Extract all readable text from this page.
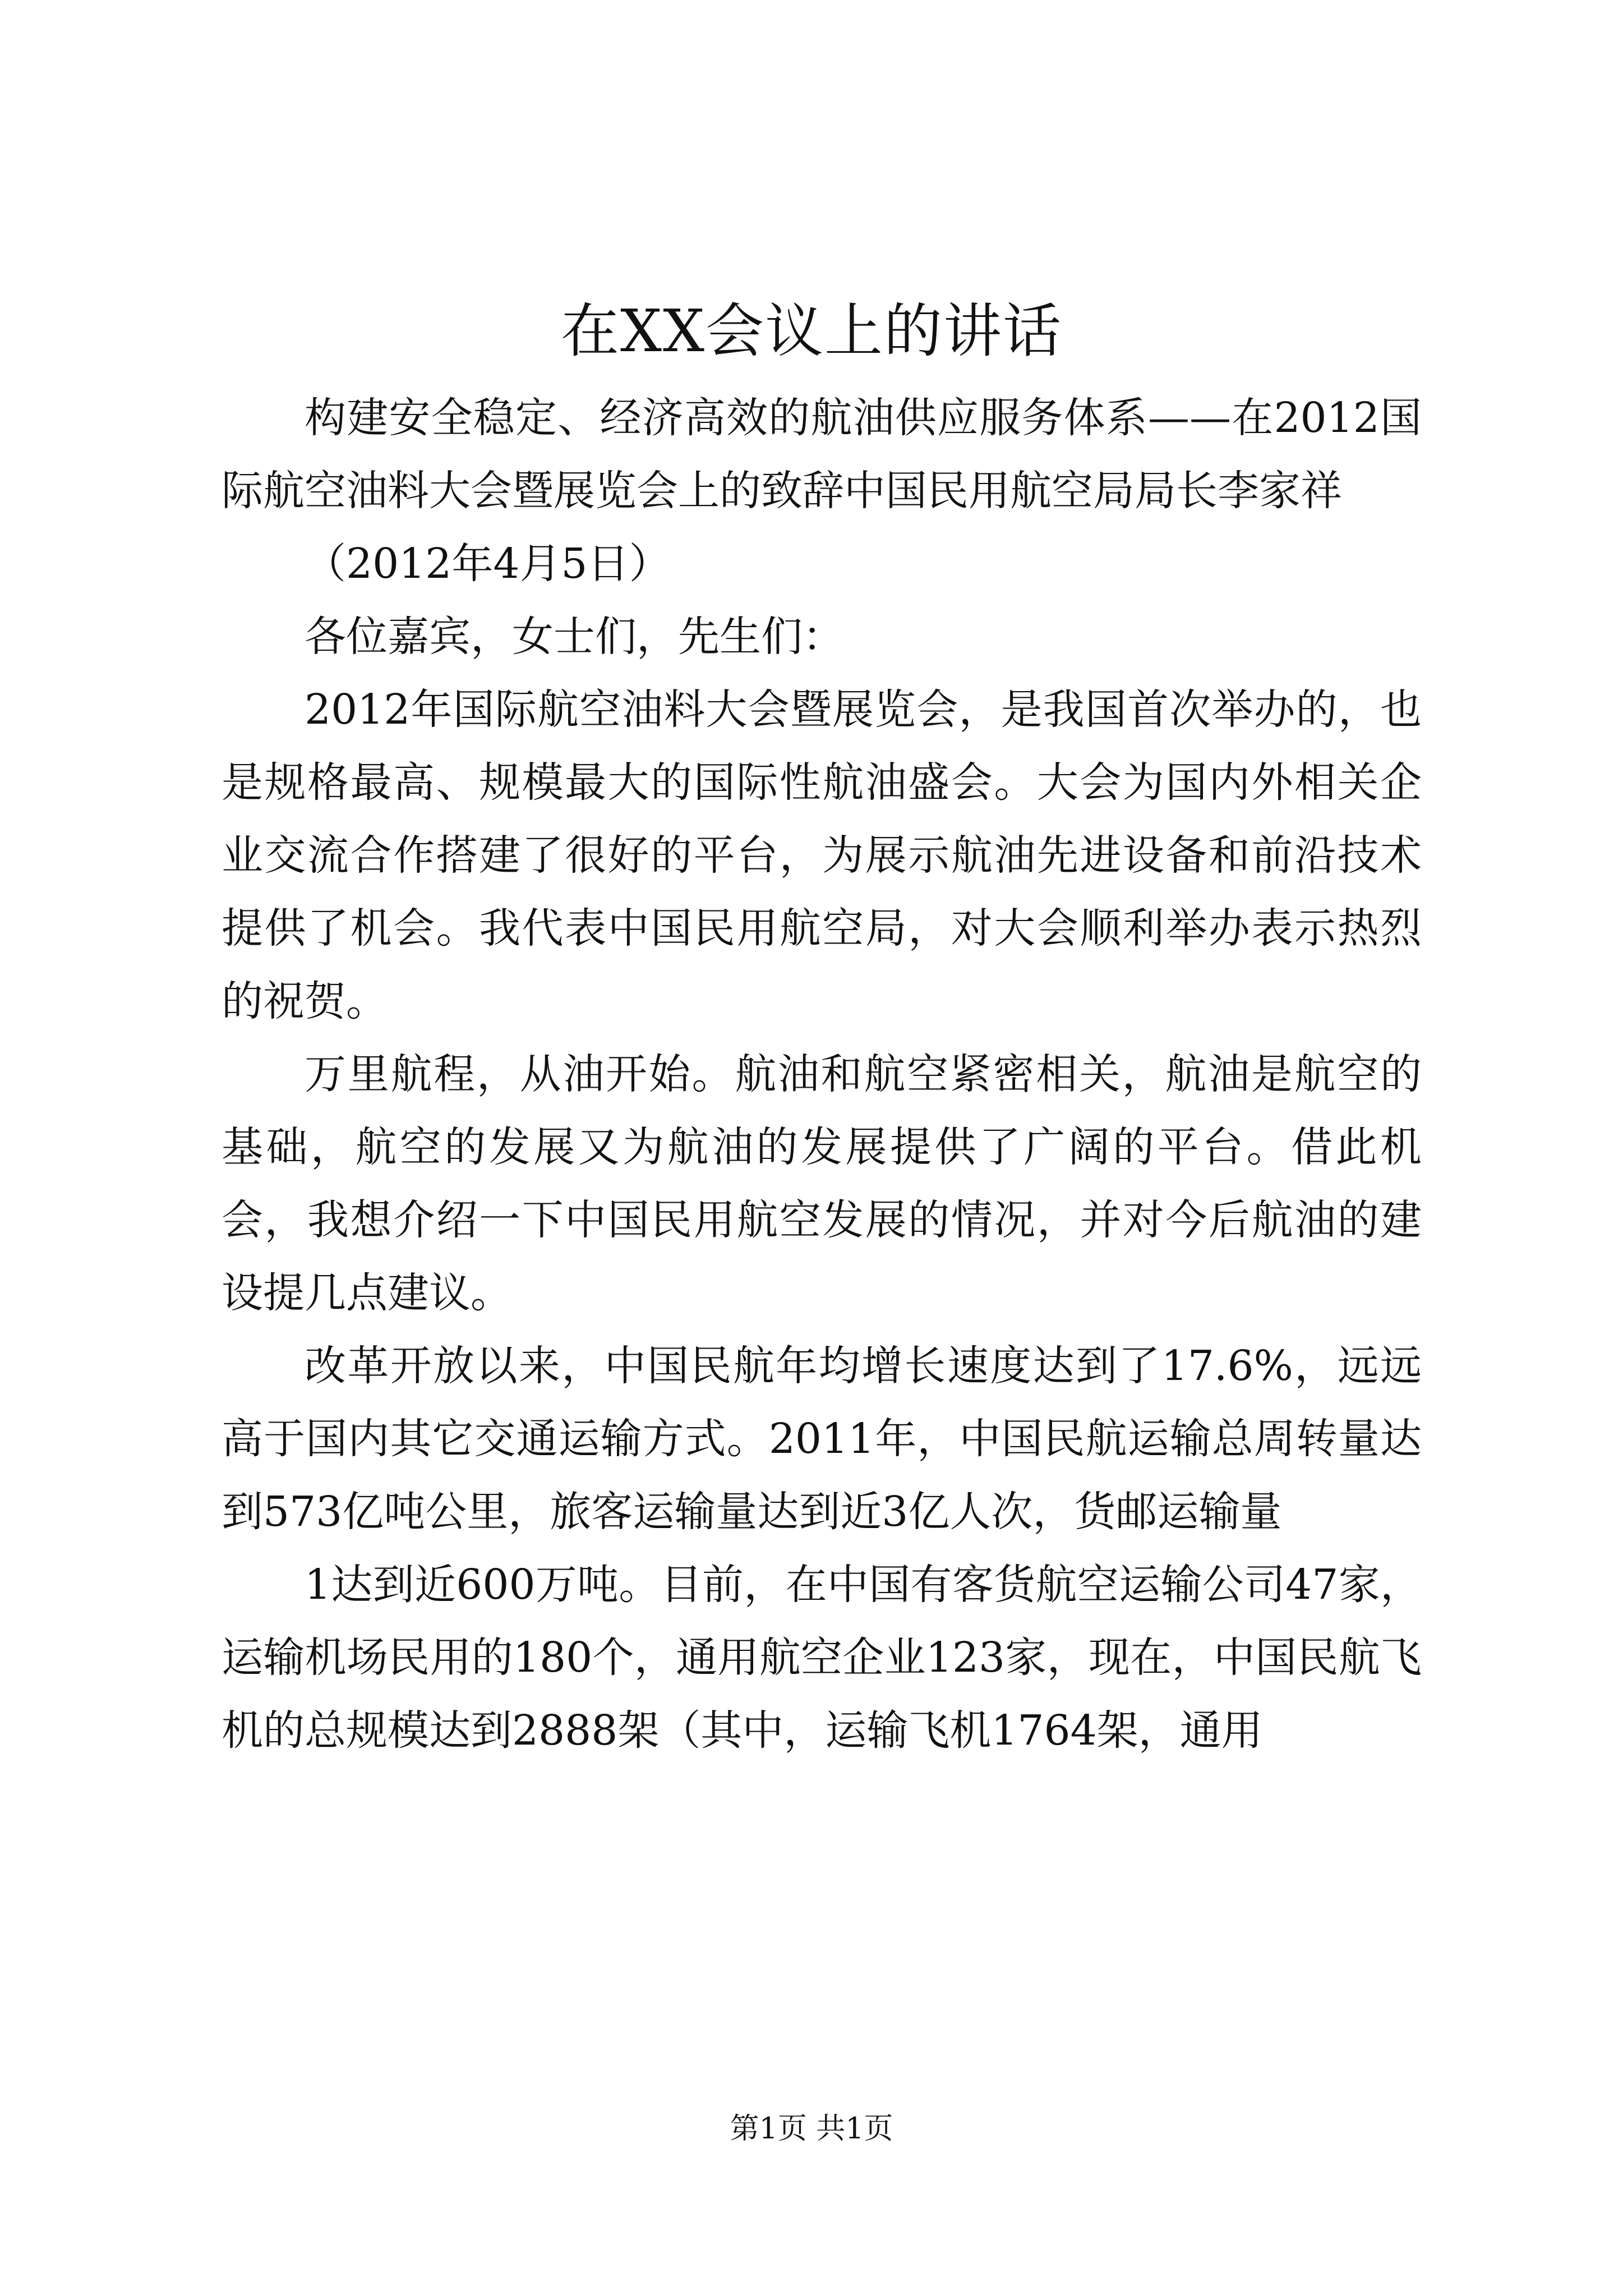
在XX会议上的讲话

构建安全稳定、经济高效的航油供应服务体系——在2012国际航空油料大会暨展览会上的致辞中国民用航空局局长李家祥

（2012年4月5日）

各位嘉宾，女士们，先生们：

2012年国际航空油料大会暨展览会，是我国首次举办的，也是规格最高、规模最大的国际性航油盛会。大会为国内外相关企业交流合作搭建了很好的平台，为展示航油先进设备和前沿技术提供了机会。我代表中国民用航空局，对大会顺利举办表示热烈的祝贺。

万里航程，从油开始。航油和航空紧密相关，航油是航空的基础，航空的发展又为航油的发展提供了广阔的平台。借此机会，我想介绍一下中国民用航空发展的情况，并对今后航油的建设提几点建议。

改革开放以来，中国民航年均增长速度达到了17.6%，远远高于国内其它交通运输方式。2011年，中国民航运输总周转量达到573亿吨公里，旅客运输量达到近3亿人次，货邮运输量

1达到近600万吨。目前，在中国有客货航空运输公司47家，运输机场民用的180个，通用航空企业123家，现在，中国民航飞机的总规模达到2888架（其中，运输飞机1764架，通用

第1页 共1页
